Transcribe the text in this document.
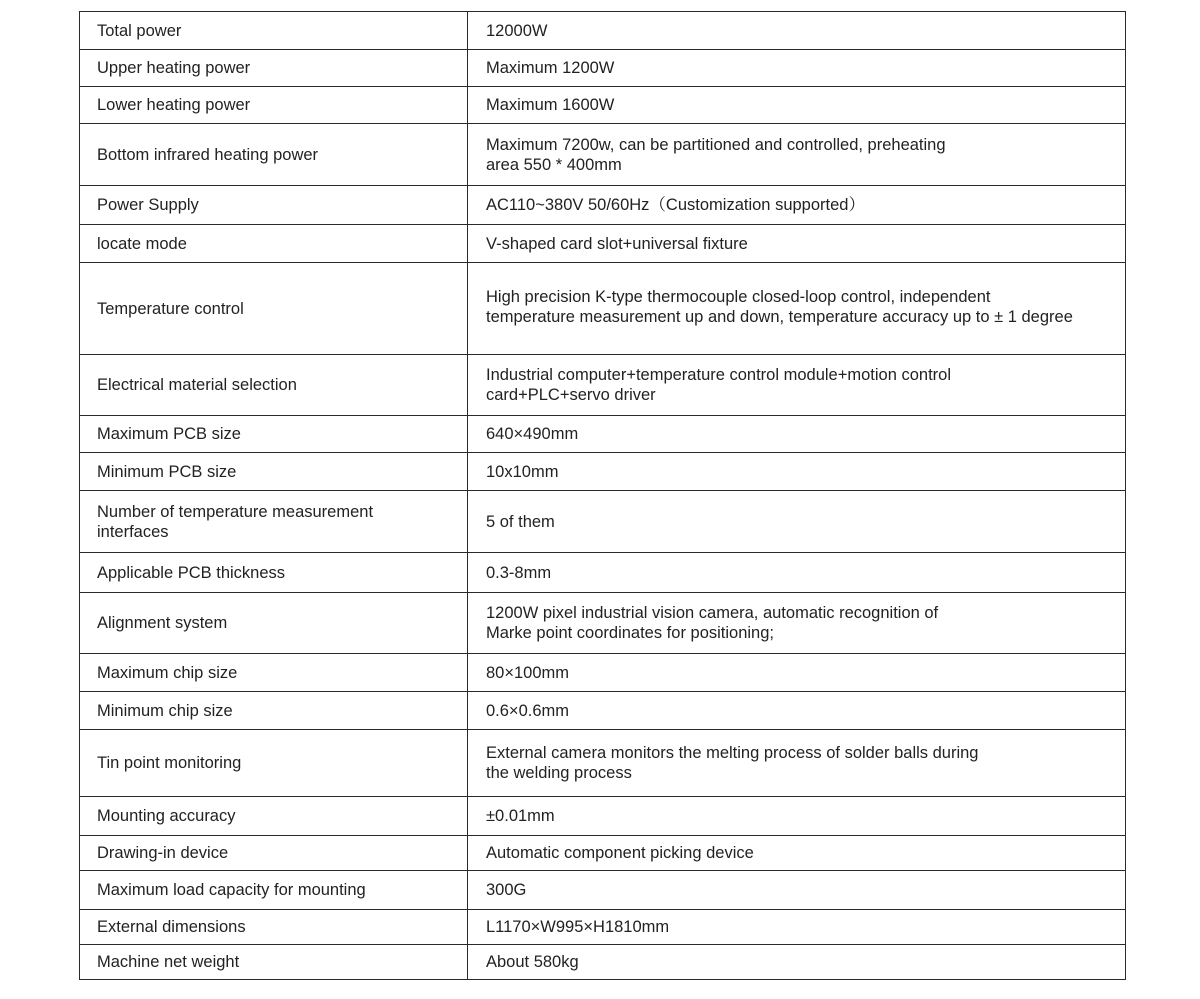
Total power	12000W
Upper heating power	Maximum 1200W
Lower heating power	Maximum 1600W
Bottom infrared heating power	Maximum 7200w, can be partitioned and controlled, preheating
area 550 * 400mm
Power Supply	AC110~380V 50/60Hz（Customization supported）
locate mode	V-shaped card slot+universal fixture
Temperature control	High precision K-type thermocouple closed-loop control, independent
temperature measurement up and down, temperature accuracy up to ± 1 degree
Electrical material selection	Industrial computer+temperature control module+motion control
card+PLC+servo driver
Maximum PCB size	640×490mm
Minimum PCB size	10x10mm
Number of temperature measurement
interfaces	5 of them
Applicable PCB thickness	0.3-8mm
Alignment system	1200W pixel industrial vision camera, automatic recognition of
Marke point coordinates for positioning;
Maximum chip size	80×100mm
Minimum chip size	0.6×0.6mm
Tin point monitoring	External camera monitors the melting process of solder balls during
the welding process
Mounting accuracy	±0.01mm
Drawing-in device	Automatic component picking device
Maximum load capacity for mounting	300G
External dimensions	L1170×W995×H1810mm
Machine net weight	About 580kg
